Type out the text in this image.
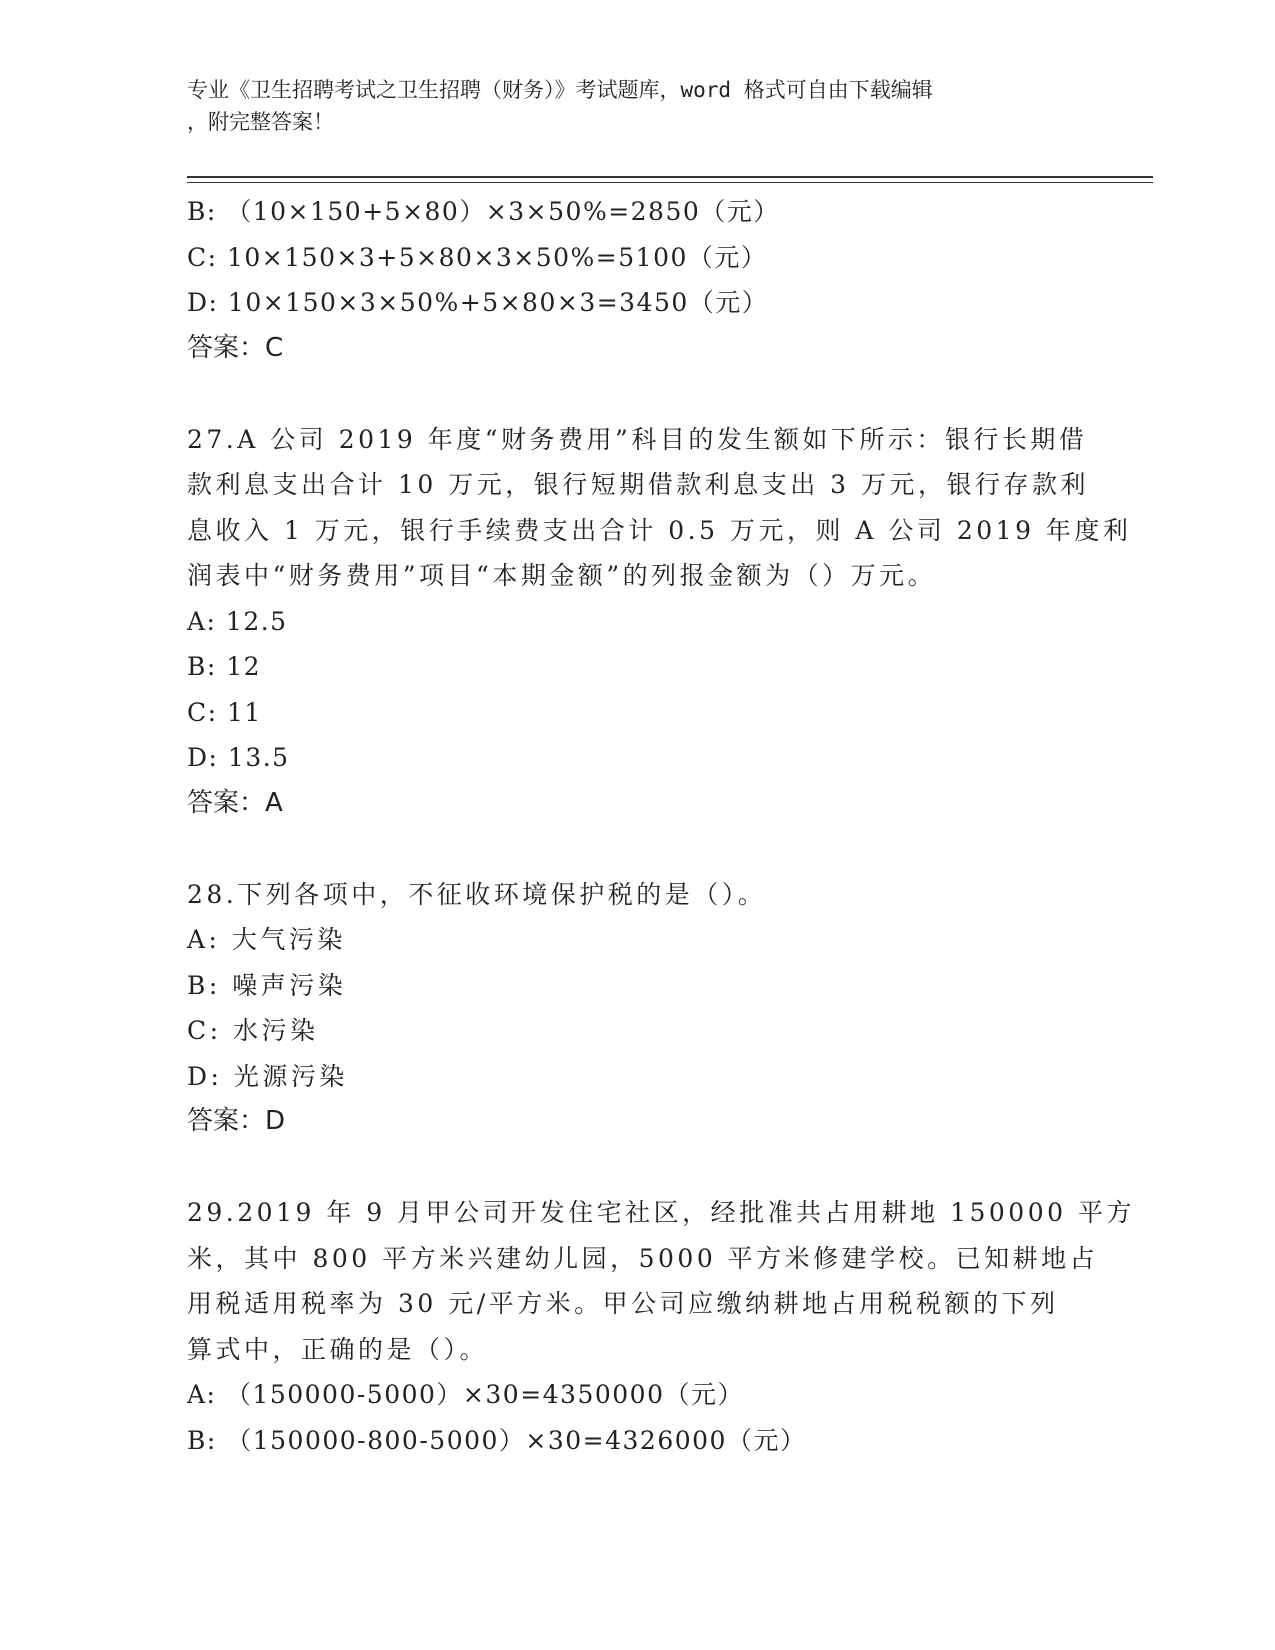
专业《卫生招聘考试之卫生招聘（财务）》考试题库，word 格式可自由下载编辑
，附完整答案！
B: （10×150+5×80）×3×50%=2850（元）
C: 10×150×3+5×80×3×50%=5100（元）
D: 10×150×3×50%+5×80×3=3450（元）
答案：C
27.A 公司 2019 年度“财务费用”科目的发生额如下所示：银行长期借
款利息支出合计 10 万元，银行短期借款利息支出 3 万元，银行存款利
息收入 1 万元，银行手续费支出合计 0.5 万元，则 A 公司 2019 年度利
润表中“财务费用”项目“本期金额”的列报金额为（）万元。
A: 12.5
B: 12
C: 11
D: 13.5
答案：A
28.下列各项中，不征收环境保护税的是（）。
A: 大气污染
B: 噪声污染
C: 水污染
D: 光源污染
答案：D
29.2019 年 9 月甲公司开发住宅社区，经批准共占用耕地 150000 平方
米，其中 800 平方米兴建幼儿园，5000 平方米修建学校。已知耕地占
用税适用税率为 30 元/平方米。甲公司应缴纳耕地占用税税额的下列
算式中，正确的是（）。
A: （150000-5000）×30=4350000（元）
B: （150000-800-5000）×30=4326000（元）
